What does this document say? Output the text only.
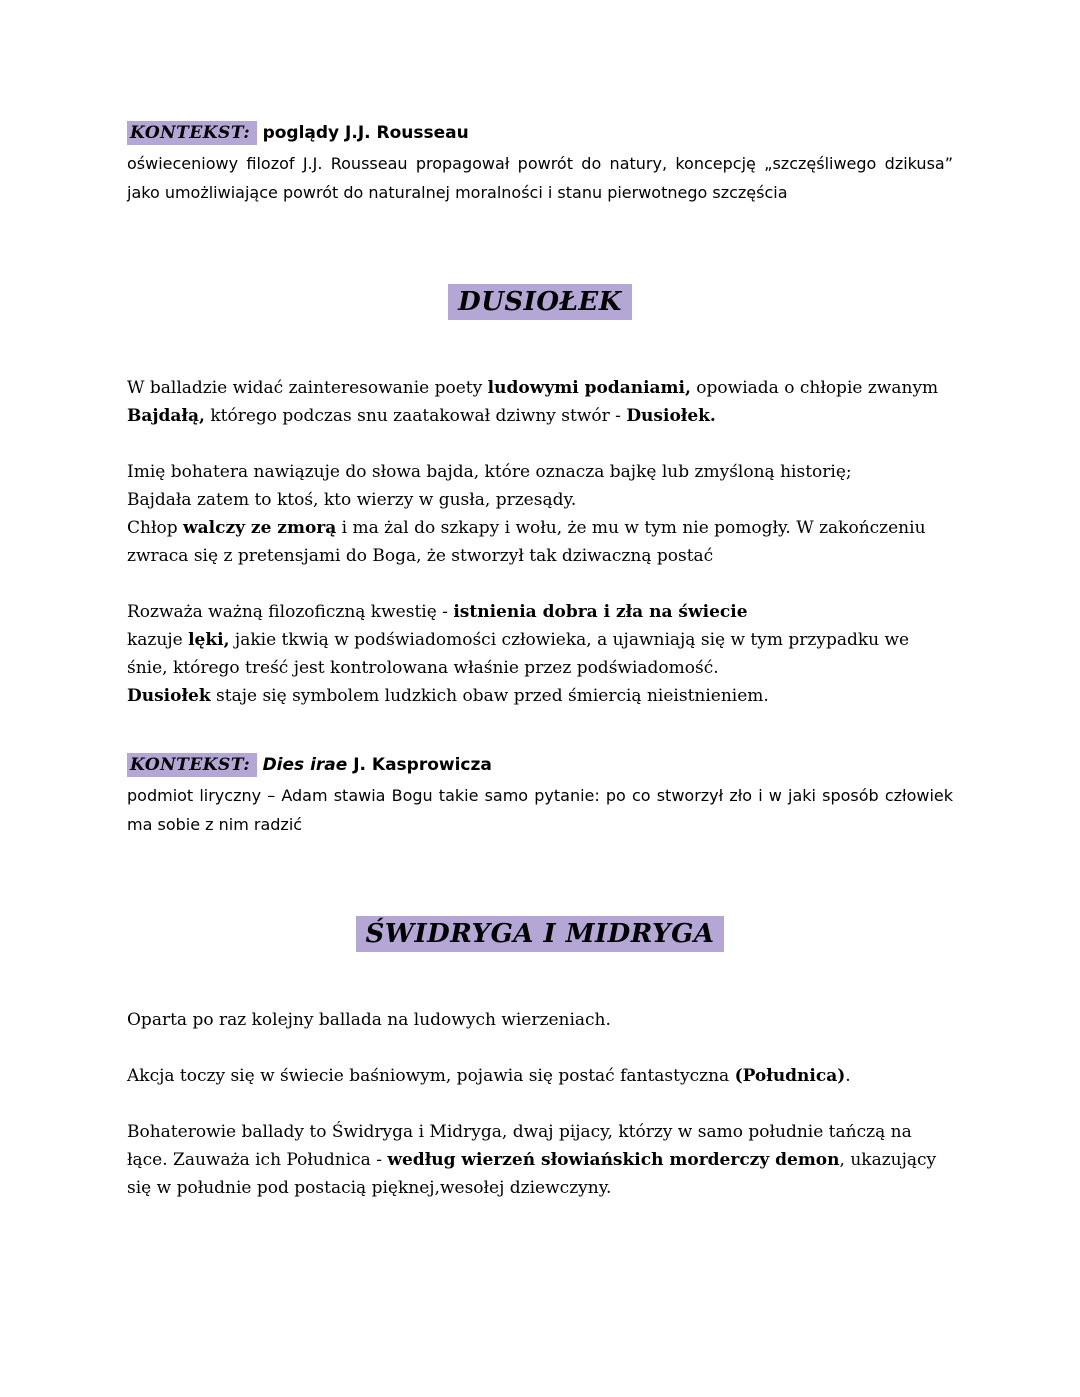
KONTEKST: poglądy J.J. Rousseau
oświeceniowy filozof J.J. Rousseau propagował powrót do natury, koncepcję „szczęśliwego dzikusa” jako umożliwiające powrót do naturalnej moralności i stanu pierwotnego szczęścia
DUSIOŁEK
W balladzie widać zainteresowanie poety ludowymi podaniami, opowiada o chłopie zwanym Bajdałą, którego podczas snu zaatakował dziwny stwór - Dusiołek.
Imię bohatera nawiązuje do słowa bajda, które oznacza bajkę lub zmyśloną historię;
Bajdała zatem to ktoś, kto wierzy w gusła, przesądy.
Chłop walczy ze zmorą i ma żal do szkapy i wołu, że mu w tym nie pomogły. W zakończeniu zwraca się z pretensjami do Boga, że stworzył tak dziwaczną postać
Rozważa ważną filozoficzną kwestię - istnienia dobra i zła na świecie
kazuje lęki, jakie tkwią w podświadomości człowieka, a ujawniają się w tym przypadku we śnie, którego treść jest kontrolowana właśnie przez podświadomość.
Dusiołek staje się symbolem ludzkich obaw przed śmiercią nieistnieniem.
KONTEKST: Dies irae J. Kasprowicza
podmiot liryczny – Adam stawia Bogu takie samo pytanie: po co stworzył zło i w jaki sposób człowiek ma sobie z nim radzić
ŚWIDRYGA I MIDRYGA
Oparta po raz kolejny ballada na ludowych wierzeniach.
Akcja toczy się w świecie baśniowym, pojawia się postać fantastyczna (Południca).
Bohaterowie ballady to Świdryga i Midryga, dwaj pijacy, którzy w samo południe tańczą na łące. Zauważa ich Południca - według wierzeń słowiańskich morderczy demon, ukazujący się w południe pod postacią pięknej,wesołej dziewczyny.
